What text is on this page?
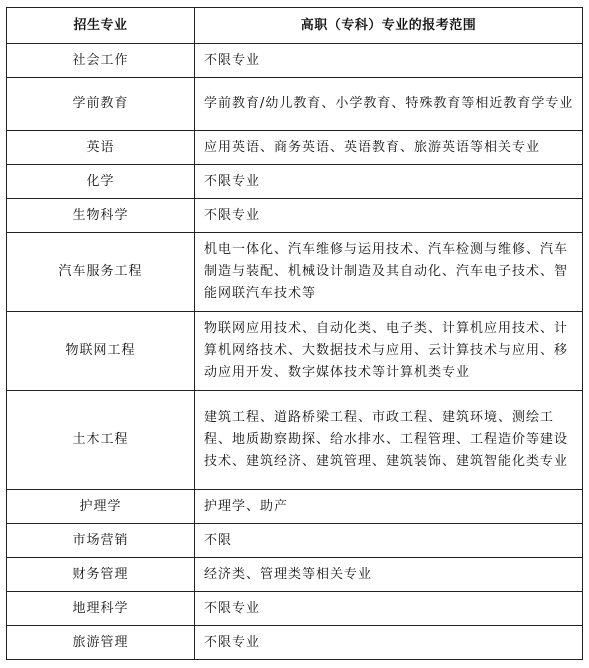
招生专业	高职（专科）专业的报考范围
社会工作	不限专业
学前教育	学前教育/幼儿教育、小学教育、特殊教育等相近教育学专业
英语	应用英语、商务英语、英语教育、旅游英语等相关专业
化学	不限专业
生物科学	不限专业
汽车服务工程	机电一体化、汽车维修与运用技术、汽车检测与维修、汽车制造与装配、机械设计制造及其自动化、汽车电子技术、智能网联汽车技术等
物联网工程	物联网应用技术、自动化类、电子类、计算机应用技术、计算机网络技术、大数据技术与应用、云计算技术与应用、移动应用开发、数字媒体技术等计算机类专业
土木工程	建筑工程、道路桥梁工程、市政工程、建筑环境、测绘工程、地质勘察勘探、给水排水、工程管理、工程造价等建设技术、建筑经济、建筑管理、建筑装饰、建筑智能化类专业
护理学	护理学、助产
市场营销	不限
财务管理	经济类、管理类等相关专业
地理科学	不限专业
旅游管理	不限专业
